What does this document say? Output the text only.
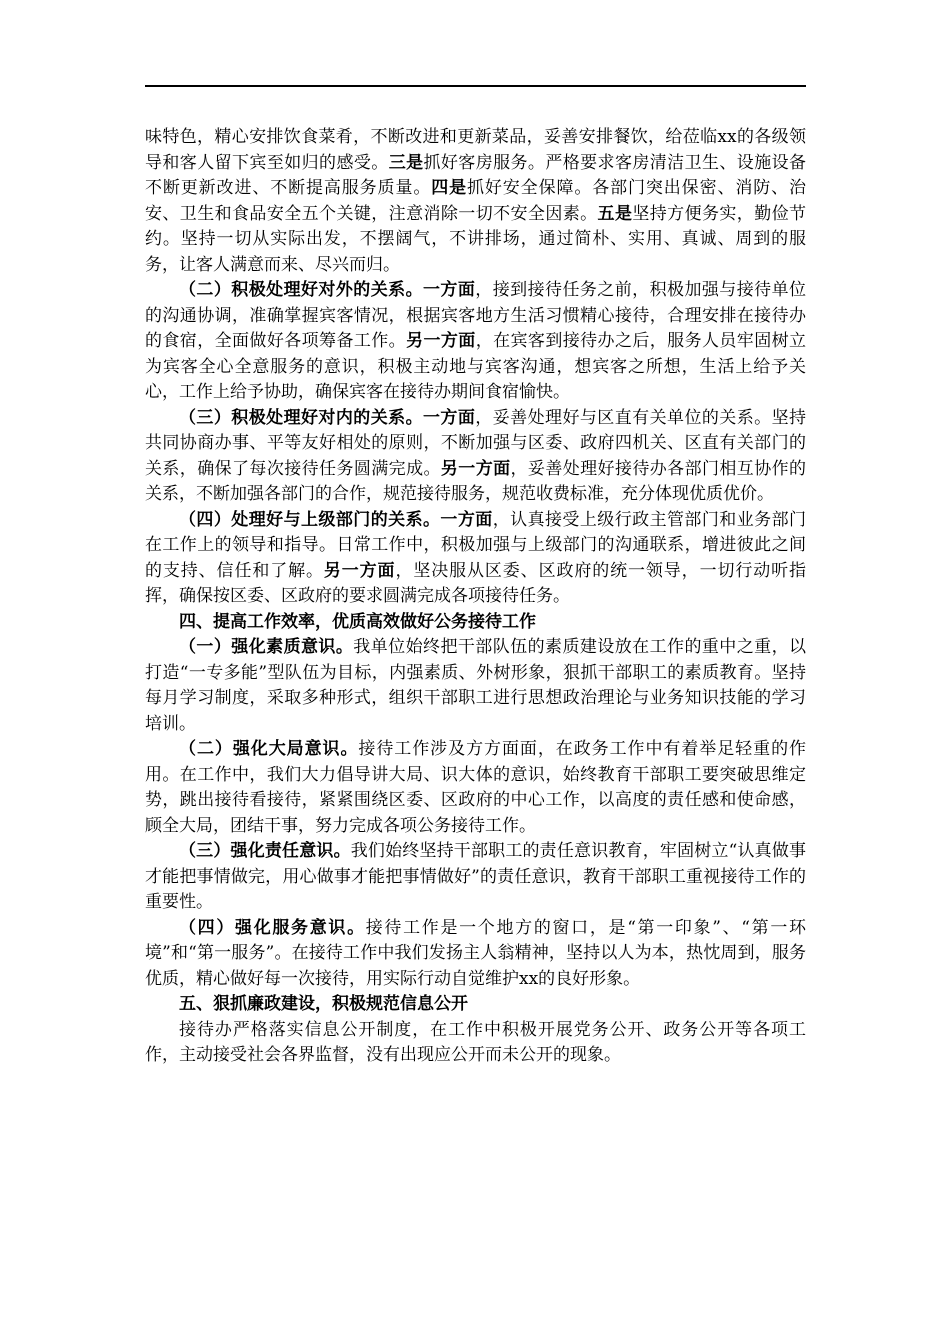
味特色，精心安排饮食菜肴，不断改进和更新菜品，妥善安排餐饮，给莅临xx的各级领导和客人留下宾至如归的感受。三是抓好客房服务。严格要求客房清洁卫生、设施设备不断更新改进、不断提高服务质量。四是抓好安全保障。各部门突出保密、消防、治安、卫生和食品安全五个关键，注意消除一切不安全因素。五是坚持方便务实，勤俭节约。坚持一切从实际出发，不摆阔气，不讲排场，通过简朴、实用、真诚、周到的服务，让客人满意而来、尽兴而归。

（二）积极处理好对外的关系。一方面，接到接待任务之前，积极加强与接待单位的沟通协调，准确掌握宾客情况，根据宾客地方生活习惯精心接待，合理安排在接待办的食宿，全面做好各项筹备工作。另一方面，在宾客到接待办之后，服务人员牢固树立为宾客全心全意服务的意识，积极主动地与宾客沟通，想宾客之所想，生活上给予关心，工作上给予协助，确保宾客在接待办期间食宿愉快。

（三）积极处理好对内的关系。一方面，妥善处理好与区直有关单位的关系。坚持共同协商办事、平等友好相处的原则，不断加强与区委、政府四机关、区直有关部门的关系，确保了每次接待任务圆满完成。另一方面，妥善处理好接待办各部门相互协作的关系，不断加强各部门的合作，规范接待服务，规范收费标准，充分体现优质优价。

（四）处理好与上级部门的关系。一方面，认真接受上级行政主管部门和业务部门在工作上的领导和指导。日常工作中，积极加强与上级部门的沟通联系，增进彼此之间的支持、信任和了解。另一方面，坚决服从区委、区政府的统一领导，一切行动听指挥，确保按区委、区政府的要求圆满完成各项接待任务。

四、提高工作效率，优质高效做好公务接待工作

（一）强化素质意识。我单位始终把干部队伍的素质建设放在工作的重中之重，以打造“一专多能”型队伍为目标，内强素质、外树形象，狠抓干部职工的素质教育。坚持每月学习制度，采取多种形式，组织干部职工进行思想政治理论与业务知识技能的学习培训。

（二）强化大局意识。接待工作涉及方方面面，在政务工作中有着举足轻重的作用。在工作中，我们大力倡导讲大局、识大体的意识，始终教育干部职工要突破思维定势，跳出接待看接待，紧紧围绕区委、区政府的中心工作，以高度的责任感和使命感，顾全大局，团结干事，努力完成各项公务接待工作。

（三）强化责任意识。我们始终坚持干部职工的责任意识教育，牢固树立“认真做事才能把事情做完，用心做事才能把事情做好”的责任意识，教育干部职工重视接待工作的重要性。

（四）强化服务意识。接待工作是一个地方的窗口，是“第一印象”、“第一环境”和“第一服务”。在接待工作中我们发扬主人翁精神，坚持以人为本，热忱周到，服务优质，精心做好每一次接待，用实际行动自觉维护xx的良好形象。

五、狠抓廉政建设，积极规范信息公开

接待办严格落实信息公开制度，在工作中积极开展党务公开、政务公开等各项工作，主动接受社会各界监督，没有出现应公开而未公开的现象。
